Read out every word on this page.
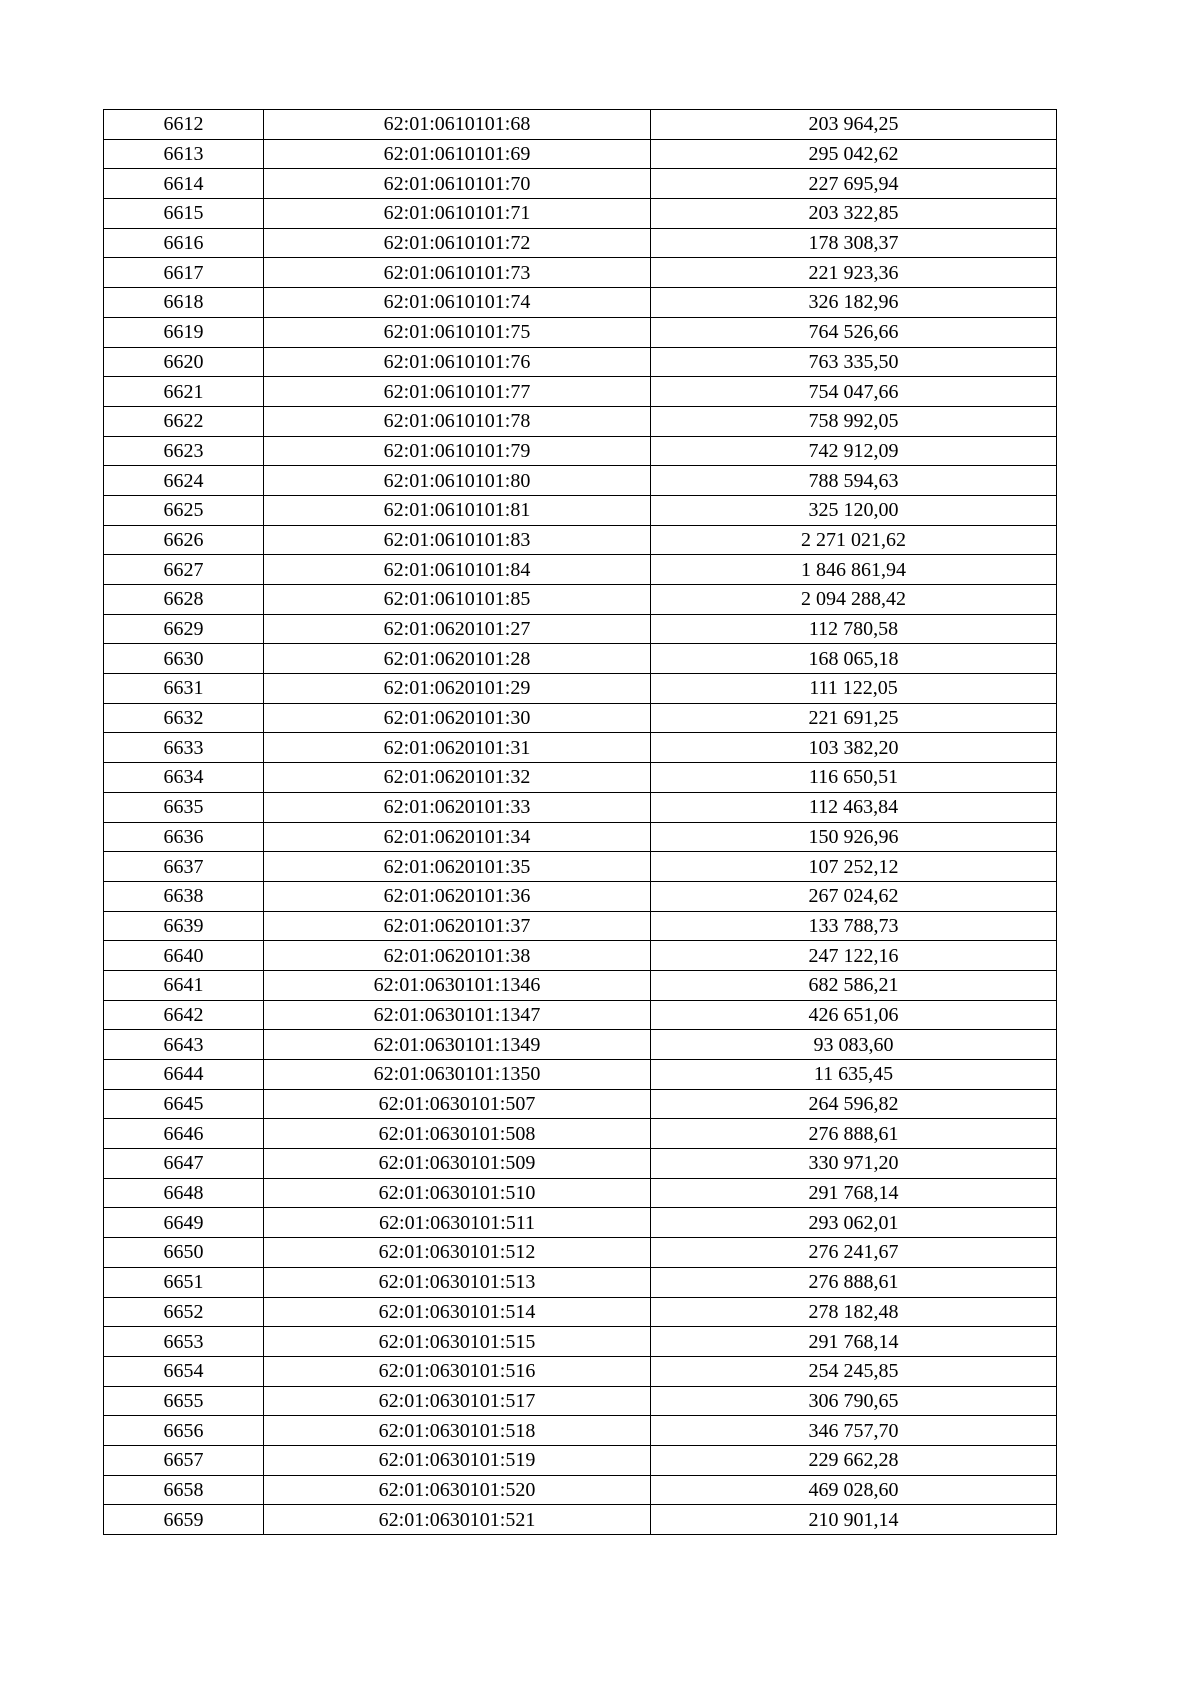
6612	62:01:0610101:68	203 964,25
6613	62:01:0610101:69	295 042,62
6614	62:01:0610101:70	227 695,94
6615	62:01:0610101:71	203 322,85
6616	62:01:0610101:72	178 308,37
6617	62:01:0610101:73	221 923,36
6618	62:01:0610101:74	326 182,96
6619	62:01:0610101:75	764 526,66
6620	62:01:0610101:76	763 335,50
6621	62:01:0610101:77	754 047,66
6622	62:01:0610101:78	758 992,05
6623	62:01:0610101:79	742 912,09
6624	62:01:0610101:80	788 594,63
6625	62:01:0610101:81	325 120,00
6626	62:01:0610101:83	2 271 021,62
6627	62:01:0610101:84	1 846 861,94
6628	62:01:0610101:85	2 094 288,42
6629	62:01:0620101:27	112 780,58
6630	62:01:0620101:28	168 065,18
6631	62:01:0620101:29	111 122,05
6632	62:01:0620101:30	221 691,25
6633	62:01:0620101:31	103 382,20
6634	62:01:0620101:32	116 650,51
6635	62:01:0620101:33	112 463,84
6636	62:01:0620101:34	150 926,96
6637	62:01:0620101:35	107 252,12
6638	62:01:0620101:36	267 024,62
6639	62:01:0620101:37	133 788,73
6640	62:01:0620101:38	247 122,16
6641	62:01:0630101:1346	682 586,21
6642	62:01:0630101:1347	426 651,06
6643	62:01:0630101:1349	93 083,60
6644	62:01:0630101:1350	11 635,45
6645	62:01:0630101:507	264 596,82
6646	62:01:0630101:508	276 888,61
6647	62:01:0630101:509	330 971,20
6648	62:01:0630101:510	291 768,14
6649	62:01:0630101:511	293 062,01
6650	62:01:0630101:512	276 241,67
6651	62:01:0630101:513	276 888,61
6652	62:01:0630101:514	278 182,48
6653	62:01:0630101:515	291 768,14
6654	62:01:0630101:516	254 245,85
6655	62:01:0630101:517	306 790,65
6656	62:01:0630101:518	346 757,70
6657	62:01:0630101:519	229 662,28
6658	62:01:0630101:520	469 028,60
6659	62:01:0630101:521	210 901,14
